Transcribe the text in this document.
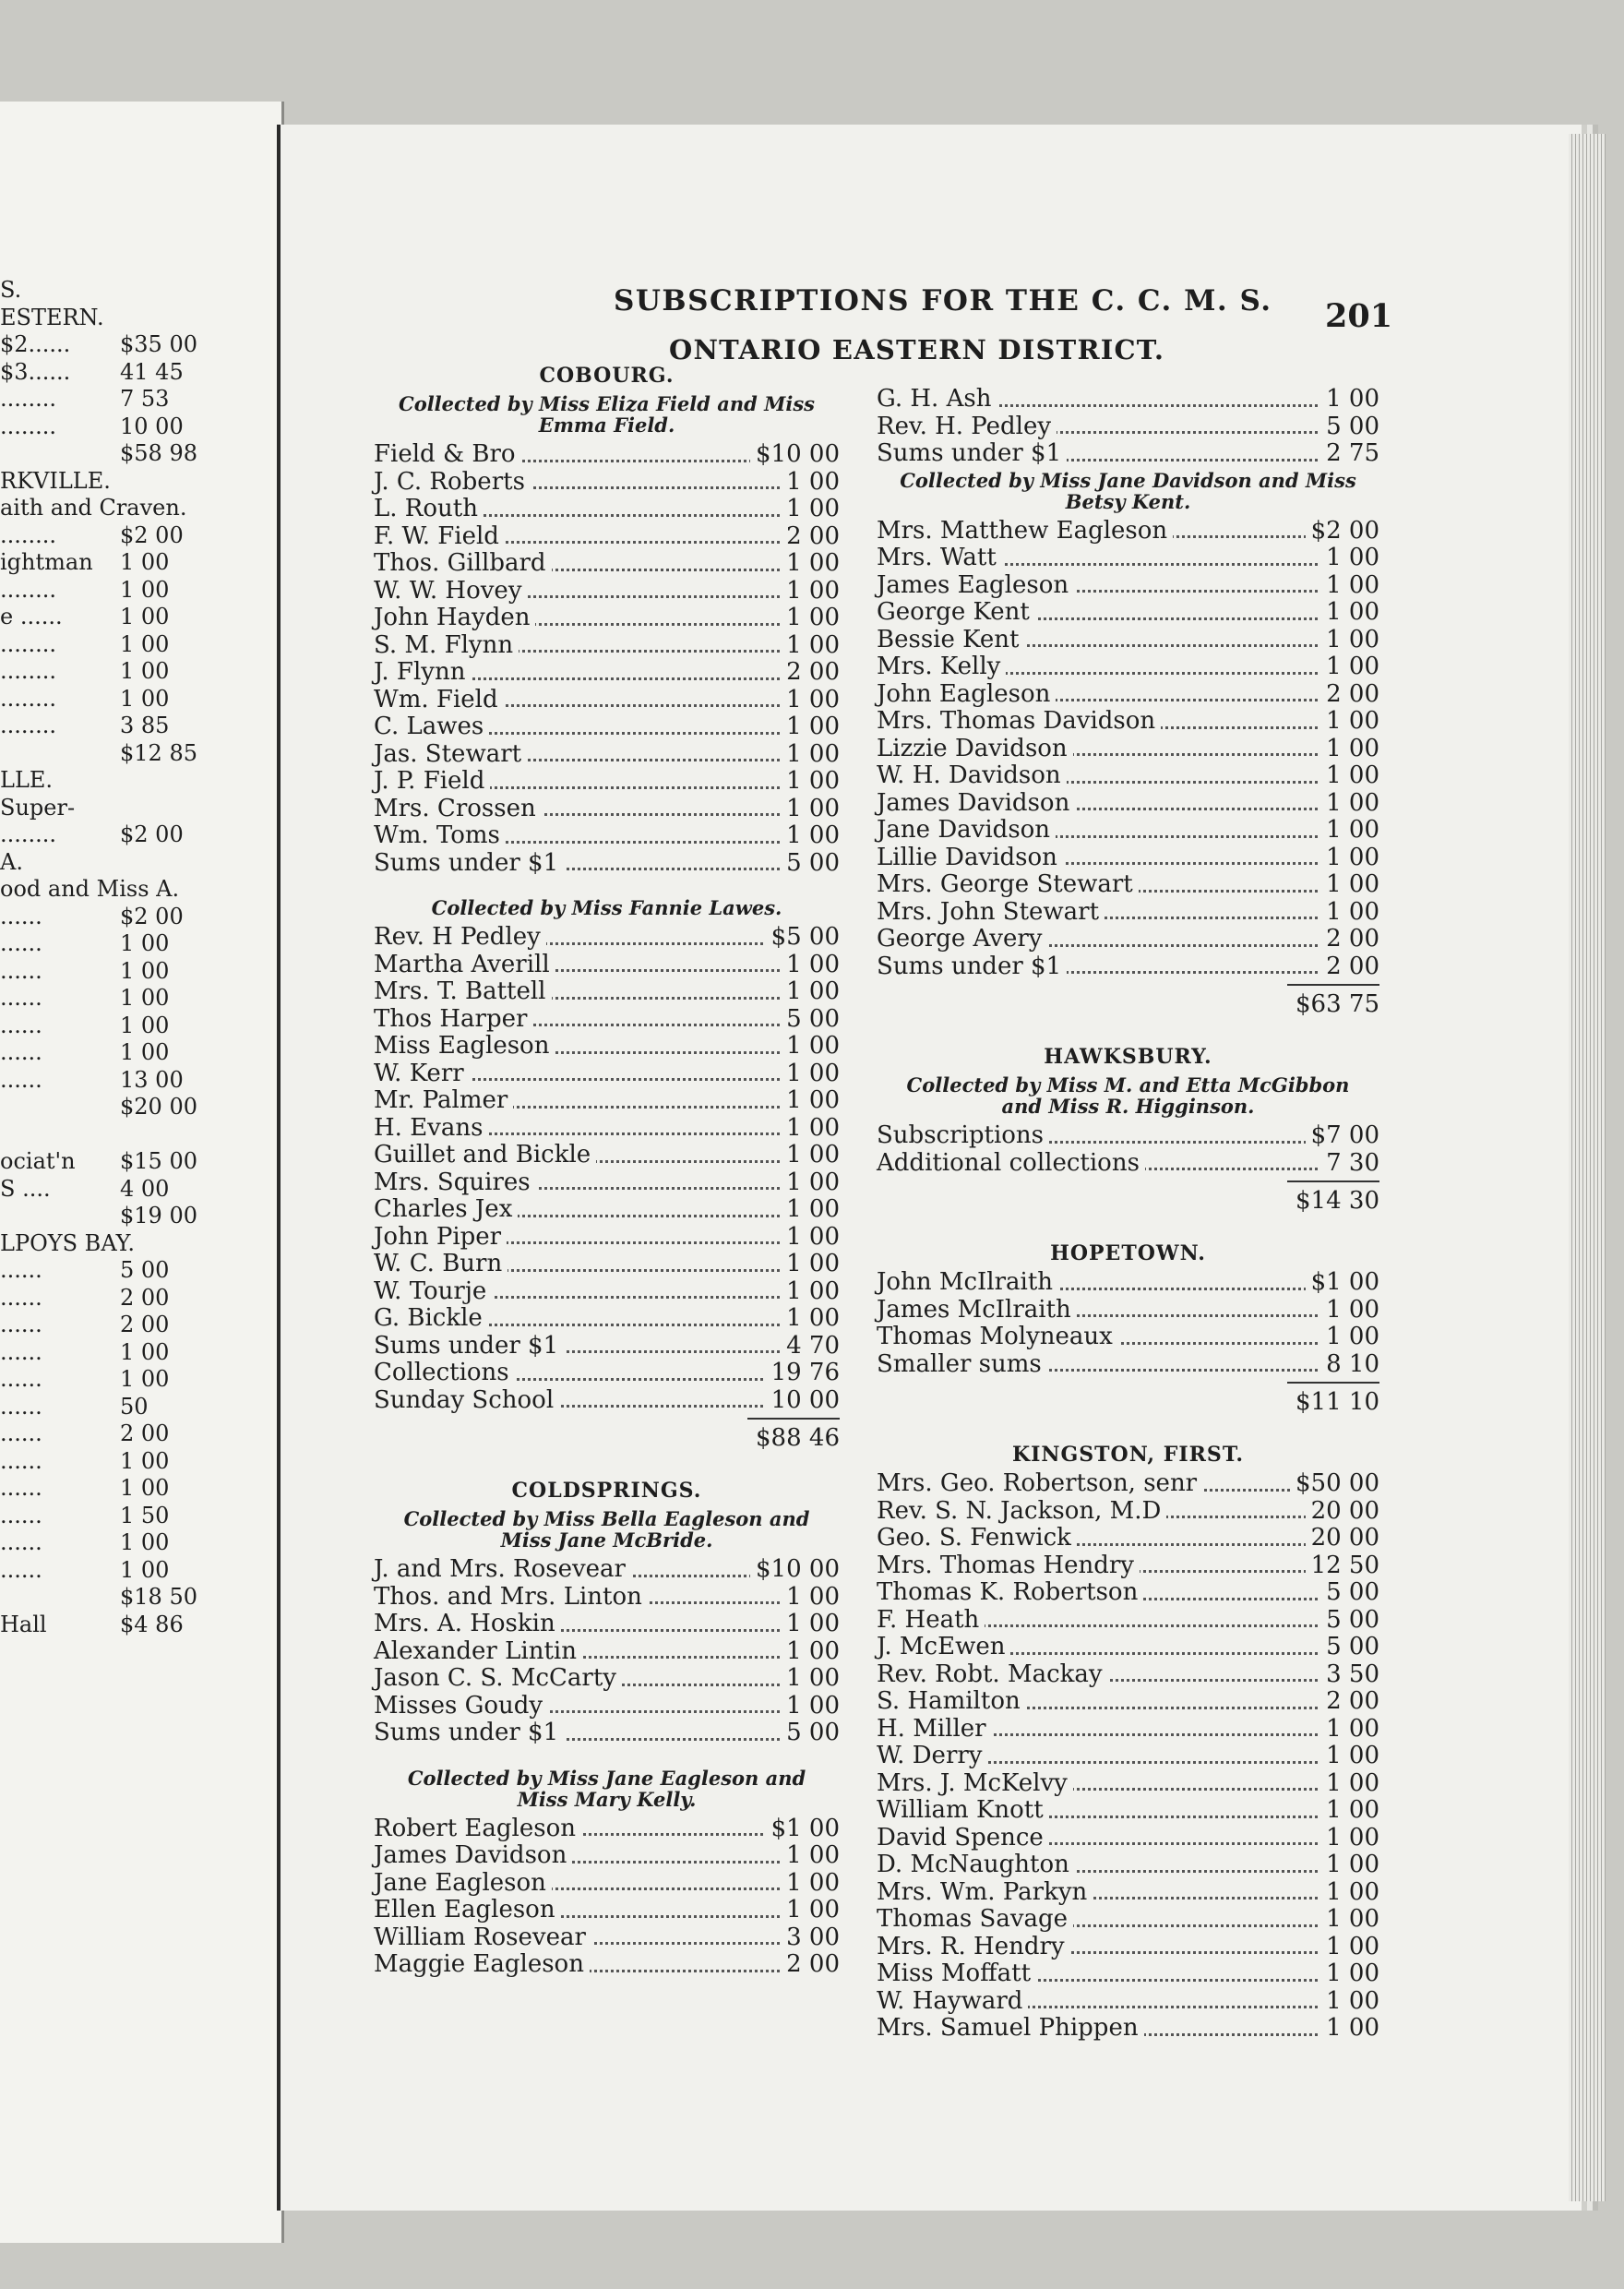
S.
ESTERN.
$2...... $35 00
$3...... 41 45
........	7 53
........	10 00
$58 98
RKVILLE.
aith and Craven.
........	$2 00
ightman 1 00
........	1 00
e ......	1 00
........	1 00
........	1 00
........	1 00
........	3 85
$12 85
LLE.
Super-
........	$2 00
A.
ood and Miss A.
......	$2 00
......	1 00
......	1 00
......	1 00
......	1 00
......	1 00
......	13 00
$20 00
ociat'n $15 00
S ....	4 00
$19 00
LPOYS BAY.
......	5 00
......	2 00
......	2 00
......	1 00
......	1 00
......	50
......	2 00
......	1 00
......	1 00
......	1 50
......	1 00
......	1 00
$18 50
Hall	$4 86
SUBSCRIPTIONS FOR THE C. C. M. S. 201
ONTARIO EASTERN DISTRICT.
COBOURG.
Collected by Miss Eliza Field and Miss Emma Field.
Field & Bro	$10 00
J. C. Roberts	1 00
L. Routh	1 00
F. W. Field	2 00
Thos. Gillbard	1 00
W. W. Hovey	1 00
John Hayden	1 00
S. M. Flynn	1 00
J. Flynn	2 00
Wm. Field	1 00
C. Lawes	1 00
Jas. Stewart	1 00
J. P. Field	1 00
Mrs. Crossen	1 00
Wm. Toms	1 00
Sums under $1	5 00
Collected by Miss Fannie Lawes.
Rev. H Pedley	$5 00
Martha Averill	1 00
Mrs. T. Battell	1 00
Thos Harper	5 00
Miss Eagleson	1 00
W. Kerr	1 00
Mr. Palmer	1 00
H. Evans	1 00
Guillet and Bickle	1 00
Mrs. Squires	1 00
Charles Jex	1 00
John Piper	1 00
W. C. Burn	1 00
W. Tourje	1 00
G. Bickle	1 00
Sums under $1	4 70
Collections	19 76
Sunday School	10 00
$88 46
COLDSPRINGS.
Collected by Miss Bella Eagleson and Miss Jane McBride.
J. and Mrs. Rosevear	$10 00
Thos. and Mrs. Linton	1 00
Mrs. A. Hoskin	1 00
Alexander Lintin	1 00
Jason C. S. McCarty	1 00
Misses Goudy	1 00
Sums under $1	5 00
Collected by Miss Jane Eagleson and Miss Mary Kelly.
Robert Eagleson	$1 00
James Davidson	1 00
Jane Eagleson	1 00
Ellen Eagleson	1 00
William Rosevear	3 00
Maggie Eagleson	2 00
G. H. Ash	1 00
Rev. H. Pedley	5 00
Sums under $1	2 75
Collected by Miss Jane Davidson and Miss Betsy Kent.
Mrs. Matthew Eagleson	$2 00
Mrs. Watt	1 00
James Eagleson	1 00
George Kent	1 00
Bessie Kent	1 00
Mrs. Kelly	1 00
John Eagleson	2 00
Mrs. Thomas Davidson	1 00
Lizzie Davidson	1 00
W. H. Davidson	1 00
James Davidson	1 00
Jane Davidson	1 00
Lillie Davidson	1 00
Mrs. George Stewart	1 00
Mrs. John Stewart	1 00
George Avery	2 00
Sums under $1	2 00
$63 75
HAWKSBURY.
Collected by Miss M. and Etta McGibbon and Miss R. Higginson.
Subscriptions	$7 00
Additional collections	7 30
$14 30
HOPETOWN.
John McIlraith	$1 00
James McIlraith	1 00
Thomas Molyneaux	1 00
Smaller sums	8 10
$11 10
KINGSTON, FIRST.
Mrs. Geo. Robertson, senr	$50 00
Rev. S. N. Jackson, M.D	20 00
Geo. S. Fenwick	20 00
Mrs. Thomas Hendry	12 50
Thomas K. Robertson	5 00
F. Heath	5 00
J. McEwen	5 00
Rev. Robt. Mackay	3 50
S. Hamilton	2 00
H. Miller	1 00
W. Derry	1 00
Mrs. J. McKelvy	1 00
William Knott	1 00
David Spence	1 00
D. McNaughton	1 00
Mrs. Wm. Parkyn	1 00
Thomas Savage	1 00
Mrs. R. Hendry	1 00
Miss Moffatt	1 00
W. Hayward	1 00
Mrs. Samuel Phippen	1 00
